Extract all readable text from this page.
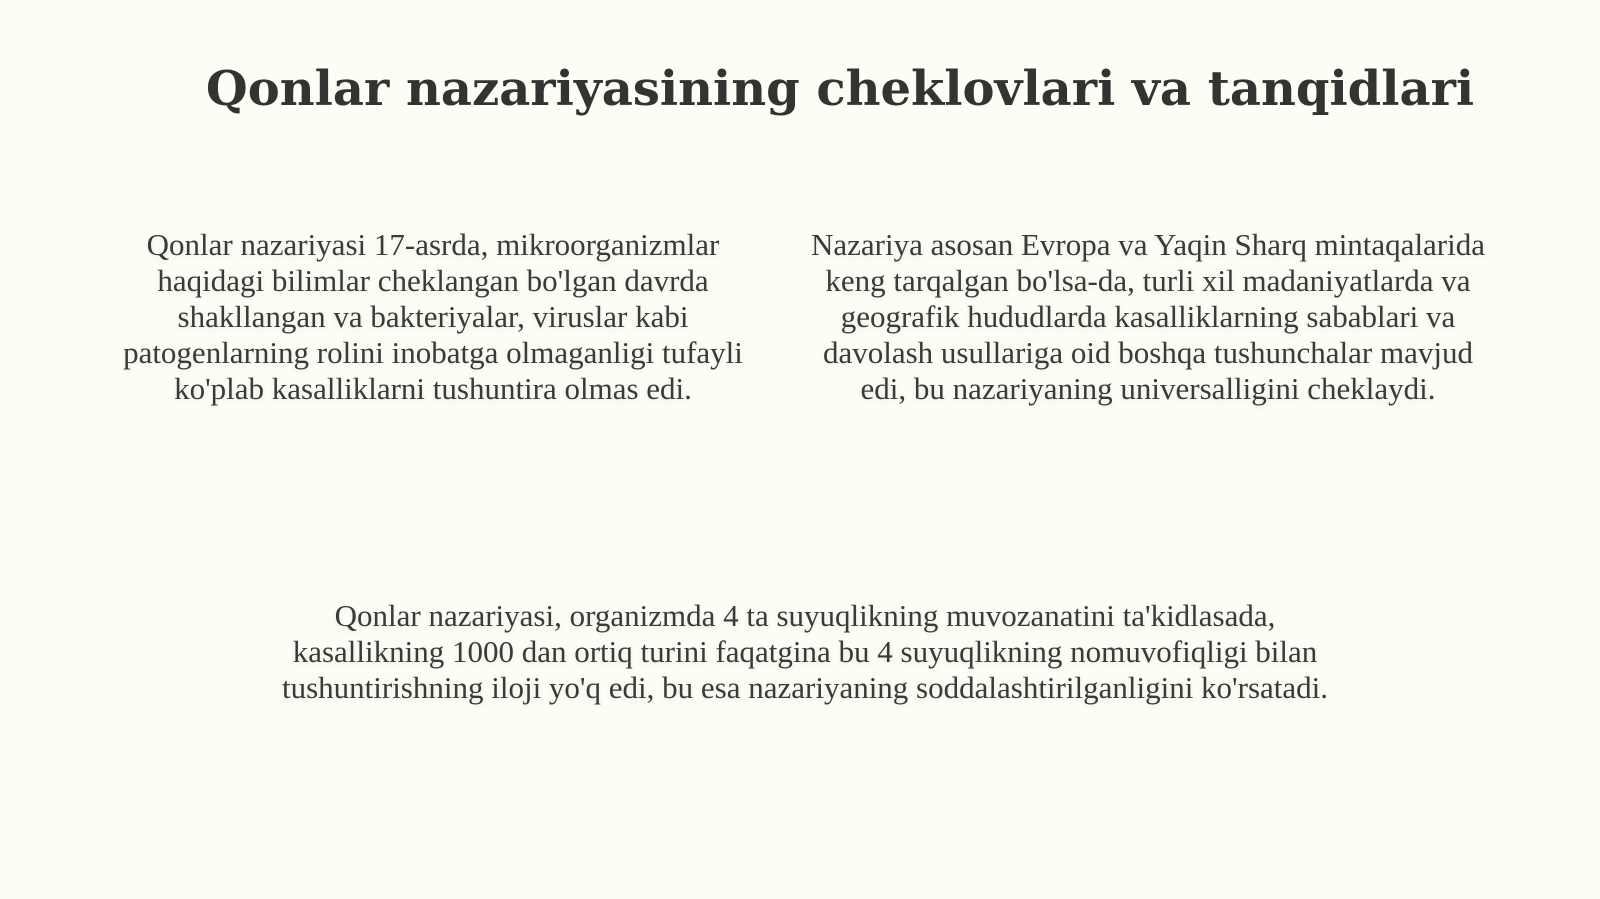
Qonlar nazariyasining cheklovlari va tanqidlari

Qonlar nazariyasi 17-asrda, mikroorganizmlar haqidagi bilimlar cheklangan bo'lgan davrda shakllangan va bakteriyalar, viruslar kabi patogenlarning rolini inobatga olmaganligi tufayli ko'plab kasalliklarni tushuntira olmas edi.

Nazariya asosan Evropa va Yaqin Sharq mintaqalarida keng tarqalgan bo'lsa-da, turli xil madaniyatlarda va geografik hududlarda kasalliklarning sabablari va davolash usullariga oid boshqa tushunchalar mavjud edi, bu nazariyaning universalligini cheklaydi.

Qonlar nazariyasi, organizmda 4 ta suyuqlikning muvozanatini ta'kidlasada, kasallikning 1000 dan ortiq turini faqatgina bu 4 suyuqlikning nomuvofiqligi bilan tushuntirishning iloji yo'q edi, bu esa nazariyaning soddalashtirilganligini ko'rsatadi.
